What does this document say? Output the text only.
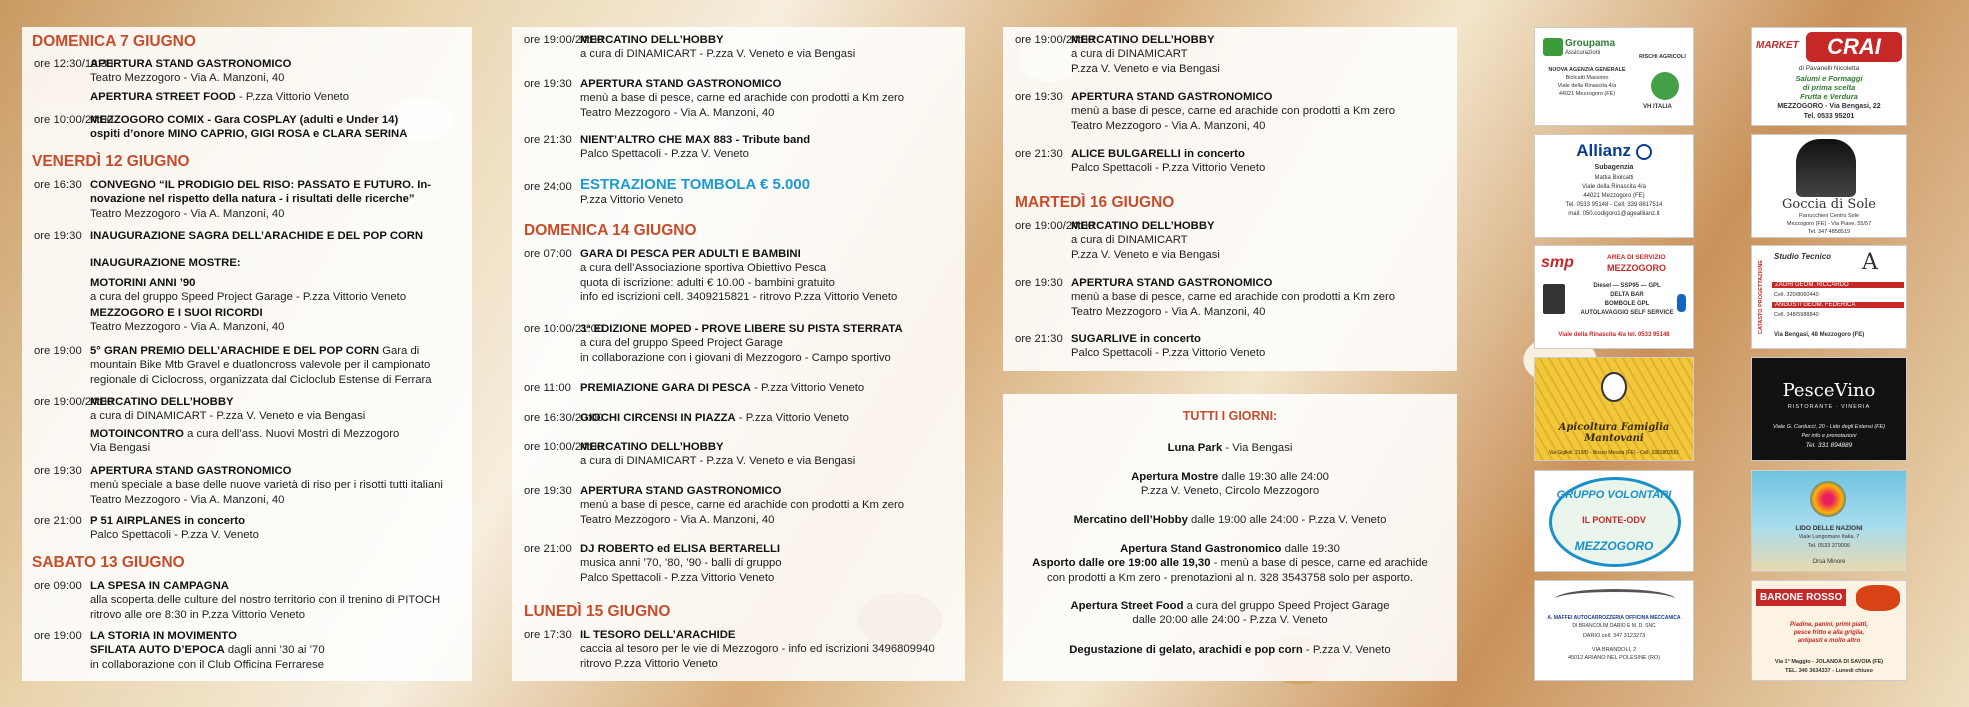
DOMENICA 7 GIUGNO
ore 12:30/19:30
APERTURA STAND GASTRONOMICO
Teatro Mezzogoro - Via A. Manzoni, 40
APERTURA STREET FOOD - P.zza Vittorio Veneto
ore 10:00/24:00
MEZZOGORO COMIX - Gara COSPLAY (adulti e Under 14)
ospiti d’onore MINO CAPRIO, GIGI ROSA e CLARA SERINA
VENERDÌ 12 GIUGNO
ore 16:30 CONVEGNO “IL PRODIGIO DEL RISO: PASSATO E FUTURO. In-
novazione nel rispetto della natura - i risultati delle ricerche”
Teatro Mezzogoro - Via A. Manzoni, 40
ore 19:30 INAUGURAZIONE SAGRA DELL’ARACHIDE E DEL POP CORN
INAUGURAZIONE MOSTRE:
MOTORINI ANNI ’90
a cura del gruppo Speed Project Garage - P.zza Vittorio Veneto
MEZZOGORO E I SUOI RICORDI
Teatro Mezzogoro - Via A. Manzoni, 40
ore 19:00 5° GRAN PREMIO DELL’ARACHIDE E DEL POP CORN Gara di
mountain Bike Mtb Gravel e duatloncross valevole per il campionato
regionale di Ciclocross, organizzata dal Cicloclub Estense di Ferrara
ore 19:00/24:00
MERCATINO DELL’HOBBY
a cura di DINAMICART - P.zza V. Veneto e via Bengasi
MOTOINCONTRO a cura dell’ass. Nuovi Mostri di Mezzogoro
Via Bengasi
ore 19:30 APERTURA STAND GASTRONOMICO
menù speciale a base delle nuove varietà di riso per i risotti tutti italiani
Teatro Mezzogoro - Via A. Manzoni, 40
ore 21:00 P 51 AIRPLANES in concerto
Palco Spettacoli - P.zza V. Veneto
SABATO 13 GIUGNO
ore 09:00 LA SPESA IN CAMPAGNA
alla scoperta delle culture del nostro territorio con il trenino di PITOCH
ritrovo alle ore 8:30 in P.zza Vittorio Veneto
ore 19:00 LA STORIA IN MOVIMENTO
SFILATA AUTO D’EPOCA dagli anni ’30 ai ’70
in collaborazione con il Club Officina Ferrarese
ore 19:00/24:00
MERCATINO DELL’HOBBY
a cura di DINAMICART - P.zza V. Veneto e via Bengasi
ore 19:30 APERTURA STAND GASTRONOMICO
menù a base di pesce, carne ed arachide con prodotti a Km zero
Teatro Mezzogoro - Via A. Manzoni, 40
ore 21:30 NIENT’ALTRO CHE MAX 883 - Tribute band
Palco Spettacoli - P.zza V. Veneto
ore 24:00 ESTRAZIONE TOMBOLA € 5.000
P.zza Vittorio Veneto
DOMENICA 14 GIUGNO
ore 07:00 GARA DI PESCA PER ADULTI E BAMBINI
a cura dell’Associazione sportiva Obiettivo Pesca
quota di iscrizione: adulti € 10.00 - bambini gratuito
info ed iscrizioni cell. 3409215821 - ritrovo P.zza Vittorio Veneto
ore 10:00/21:00
3ª EDIZIONE MOPED - PROVE LIBERE SU PISTA STERRATA
a cura del gruppo Speed Project Garage
in collaborazione con i giovani di Mezzogoro - Campo sportivo
ore 11:00 PREMIAZIONE GARA DI PESCA - P.zza Vittorio Veneto
ore 16:30/20:00
GIOCHI CIRCENSI IN PIAZZA - P.zza Vittorio Veneto
ore 10:00/24:00
MERCATINO DELL’HOBBY
a cura di DINAMICART - P.zza V. Veneto e via Bengasi
ore 19:30 APERTURA STAND GASTRONOMICO
menù a base di pesce, carne ed arachide con prodotti a Km zero
Teatro Mezzogoro - Via A. Manzoni, 40
ore 21:00 DJ ROBERTO ed ELISA BERTARELLI
musica anni ’70, ’80, ’90 - balli di gruppo
Palco Spettacoli - P.zza Vittorio Veneto
LUNEDÌ 15 GIUGNO
ore 17:30 IL TESORO DELL’ARACHIDE
caccia al tesoro per le vie di Mezzogoro - info ed iscrizioni 3496809940
ritrovo P.zza Vittorio Veneto
ore 19:00/24:00
MERCATINO DELL’HOBBY
a cura di DINAMICART
P.zza V. Veneto e via Bengasi
ore 19:30 APERTURA STAND GASTRONOMICO
menù a base di pesce, carne ed arachide con prodotti a Km zero
Teatro Mezzogoro - Via A. Manzoni, 40
ore 21:30 ALICE BULGARELLI in concerto
Palco Spettacoli - P.zza Vittorio Veneto
MARTEDÌ 16 GIUGNO
ore 19:00/24:00
MERCATINO DELL’HOBBY
a cura di DINAMICART
P.zza V. Veneto e via Bengasi
ore 19:30 APERTURA STAND GASTRONOMICO
menù a base di pesce, carne ed arachide con prodotti a Km zero
Teatro Mezzogoro - Via A. Manzoni, 40
ore 21:30 SUGARLIVE in concerto
Palco Spettacoli - P.zza Vittorio Veneto
TUTTI I GIORNI:
Luna Park - Via Bengasi
Apertura Mostre dalle 19:30 alle 24:00
P.zza V. Veneto, Circolo Mezzogoro
Mercatino dell’Hobby dalle 19:00 alle 24:00 - P.zza V. Veneto
Apertura Stand Gastronomico dalle 19:30
Asporto dalle ore 19:00 alle 19,30 - menù a base di pesce, carne ed arachide
con prodotti a Km zero - prenotazioni al n. 328 3543758 solo per asporto.
Apertura Street Food a cura del gruppo Speed Project Garage
dalle 20:00 alle 24:00 - P.zza V. Veneto
Degustazione di gelato, arachidi e pop corn - P.zza V. Veneto
Groupama
Assicurazioni
RISCHI AGRICOLI
NUOVA AGENZIA GENERALE
Biolcatti Massimo
Viale della Rinascita 4/a
44021 Mezzogoro (FE)
VH ITALIA
Allianz
Subagenzia
Mattia Biolcatti
Viale della Rinascita 4/a
44021 Mezzogoro (FE)
Tel. 0533 95148 - Cell. 339 8817514
mail: 050.codigoro1@agealliianz.it
smp	AREA DI SERVIZIO
MEZZOGORO
Diesel — SSP95 — GPL
DELTA BAR
BOMBOLE GPL
AUTOLAVAGGIO SELF SERVICE
Viale della Rinascita 4/a tel. 0533 95148
Apicoltura Famiglia Mantovani
Via Giglioli, 219/D - Bosco Mesola (FE) - Cell. 3381802551
GRUPPO VOLONTARI
IL PONTE-ODV
MEZZOGORO
A. MAFFEI AUTOCARROZZERIA OFFICINA MECCANICA
DI BRANCOLIM DARIO E M. D. SNC
DARIO cell. 347 3123273
VIA BRANDOLI, 2
45012 ARIANO NEL POLESINE (RO)
MARKET	CRAI
di Pavanelli Nicoletta
Salumi e Formaggi
di prima scelta
Frutta e Verdura
MEZZOGORO - Via Bengasi, 22
Tel. 0533 95201
Goccia di Sole
Parrucchieri Centro Sole
Mezzogoro (FE) - Via Piave, 55/57
Tel. 347 4858519
CATASTO PROGETTAZIONE
Studio Tecnico A
ZAGHI GEOM. RICCARDO
Cell. 320/8060440
ANGUSTI GEOM. FEDERICA
Cell. 348/5988840
Via Bengasi, 48 Mezzogoro (FE)
PesceVino
RISTORANTE · VINERIA
Viale G. Carducci, 20 - Lido degli Estensi (FE)
Per info e prenotazioni
Tel. 331 894889
LIDO DELLE NAZIONI
Viale Lungomare Italia, 7
Tel. 0533 379006
Orsa Minore
BARONE ROSSO
Piadine, panini, primi piatti,
pesce fritto e alla griglia,
antipasti e molto altro
Via 1° Maggio - JOLANDA DI SAVOIA (FE)
TEL. 340 3634337 - Lunedì chiuso
